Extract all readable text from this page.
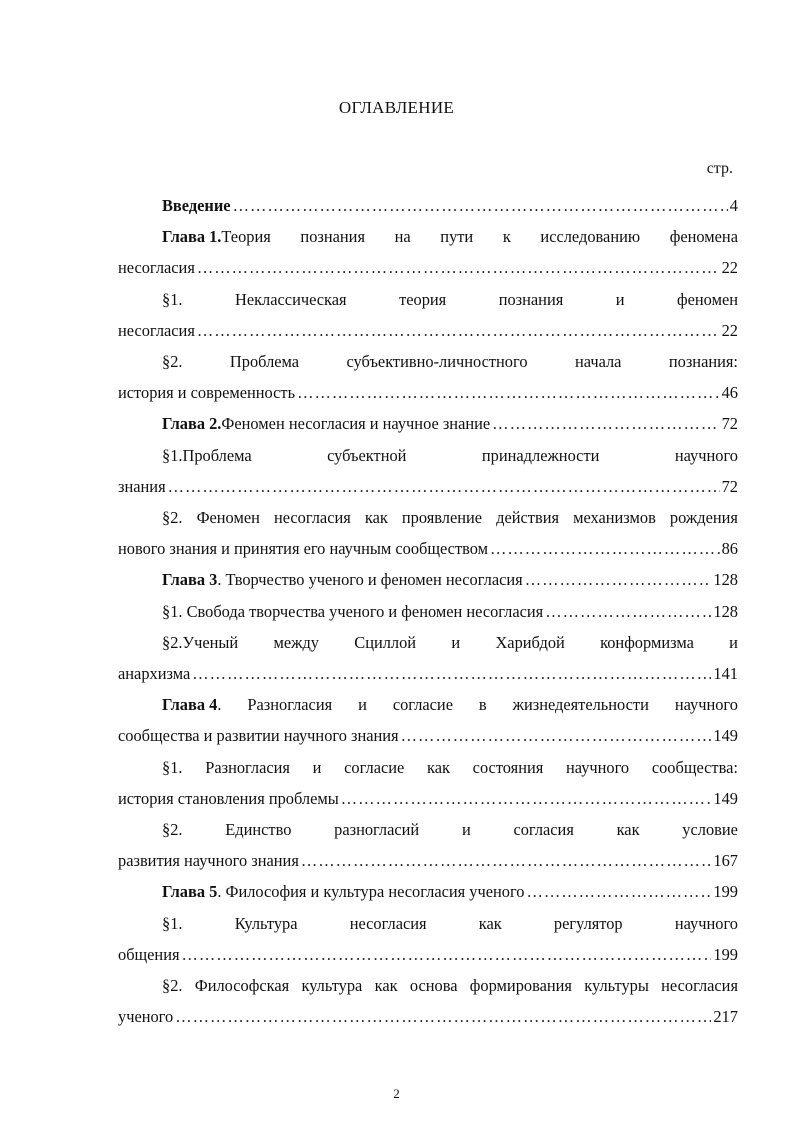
ОГЛАВЛЕНИЕ
стр.
Введение ………………………………………………………………………………………………………………………………………………………	4
Глава 1. Теория познания на пути к исследованию феномена
несогласия ………………………………………………………………………………………………………………………………………………………	22
§1.	Неклассическая	теория	познания	и	феномен
несогласия ………………………………………………………………………………………………………………………………………………………	22
§2.	Проблема	субъективно-личностного	начала	познания:
история и современность ………………………………………………………………………………………………………………………………………………………	46
Глава 2. Феномен несогласия и научное знание ………………………………………………………………………………………………………………………………………………………	72
§1.Проблема	субъектной	принадлежности	научного
знания ………………………………………………………………………………………………………………………………………………………	72
§2. Феномен несогласия как проявление действия механизмов рождения
нового знания и принятия его научным сообществом ………………………………………………………………………………………………………………………………………………………	86
Глава 3 . Творчество ученого и феномен несогласия ………………………………………………………………………………………………………………………………………………………	128
§1. Свобода творчества ученого и феномен несогласия ………………………………………………………………………………………………………………………………………………………	128
§2.Ученый между Сциллой и Харибдой конформизма и
анархизма ………………………………………………………………………………………………………………………………………………………	141
Глава 4 . Разногласия и согласие в жизнедеятельности научного
сообщества и развитии научного знания ………………………………………………………………………………………………………………………………………………………	149
§1. Разногласия и согласие как состояния научного сообщества:
история становления проблемы ………………………………………………………………………………………………………………………………………………………	149
§2.	Единство	разногласий	и	согласия	как	условие
развития научного знания ………………………………………………………………………………………………………………………………………………………	167
Глава 5 . Философия и культура несогласия ученого ………………………………………………………………………………………………………………………………………………………	199
§1.	Культура	несогласия	как	регулятор	научного
общения ………………………………………………………………………………………………………………………………………………………	199
§2. Философская культура как основа формирования культуры несогласия
ученого ………………………………………………………………………………………………………………………………………………………	217
2
